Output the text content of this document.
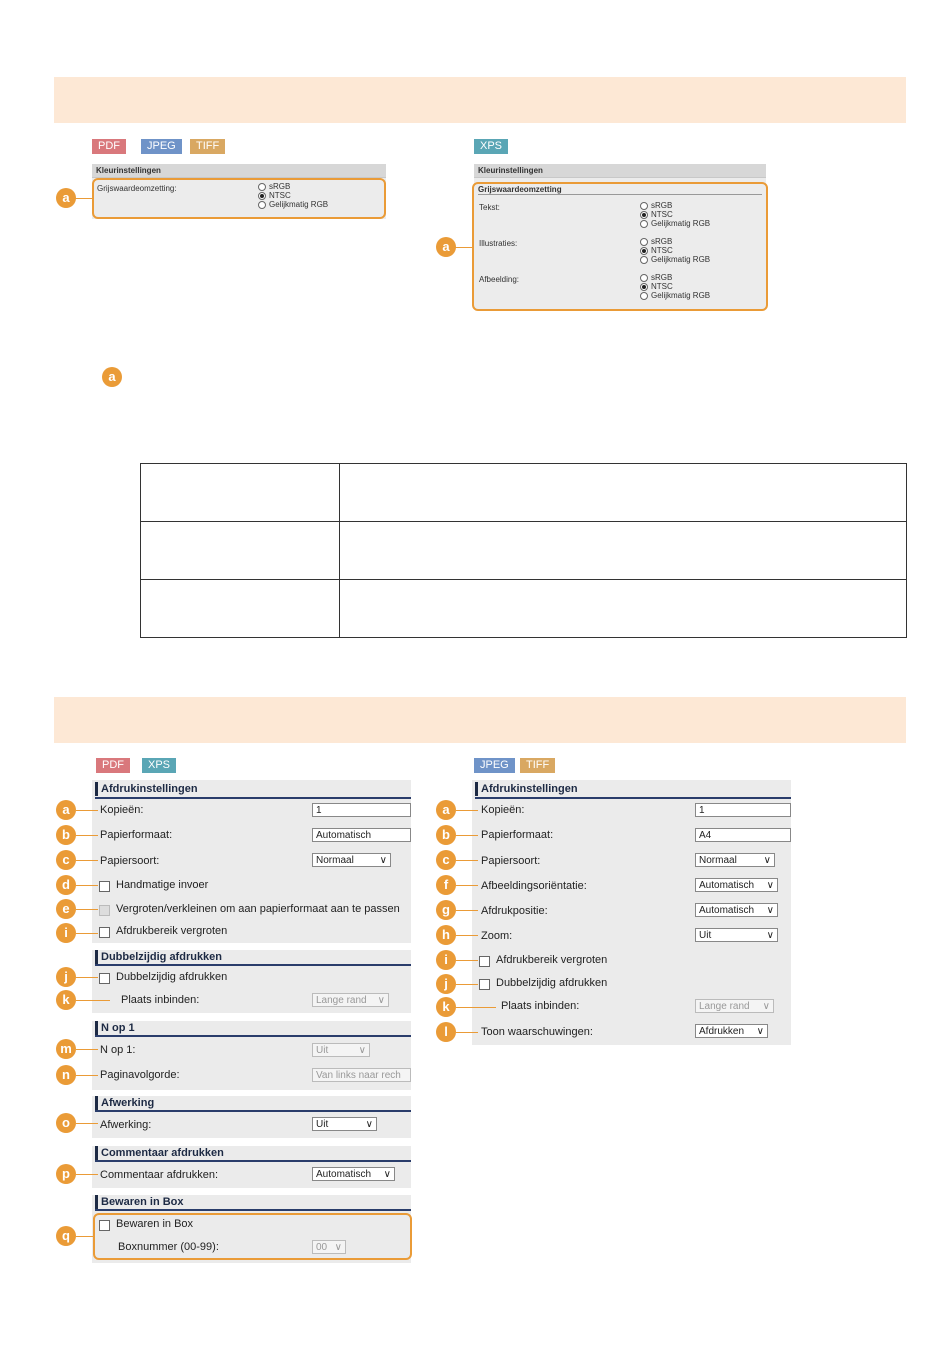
PDF	JPEG	TIFF	XPS
Kleurinstellingen
Grijswaardeomzetting:	sRGB
NTSC
Gelijkmatig RGB
a
Kleurinstellingen
Grijswaardeomzetting
Tekst:	sRGB
NTSC
Gelijkmatig RGB
Illustraties:	sRGB
NTSC
Gelijkmatig RGB
Afbeelding:	sRGB
NTSC
Gelijkmatig RGB
a
a

PDF	XPS	JPEG	TIFF
Afdrukinstellingen
Kopieën:	1
Papierformaat:	Automatisch
Papiersoort:	Normaal ∨
Handmatige invoer
Vergroten/verkleinen om aan papierformaat aan te passen
Afdrukbereik vergroten
Dubbelzijdig afdrukken
Dubbelzijdig afdrukken
Plaats inbinden:	Lange rand ∨
N op 1
N op 1:	Uit ∨
Paginavolgorde:	Van links naar rech
Afwerking
Afwerking:	Uit ∨
Commentaar afdrukken
Commentaar afdrukken:	Automatisch ∨
Bewaren in Box
Bewaren in Box
Boxnummer (00-99):	00 ∨
a
b
c
d
e
i
j
k
m
n
o
p
q
Afdrukinstellingen
Kopieën:	1
Papierformaat:	A4
Papiersoort:	Normaal ∨
Afbeeldingsoriëntatie:	Automatisch ∨
Afdrukpositie:	Automatisch ∨
Zoom:	Uit ∨
Afdrukbereik vergroten
Dubbelzijdig afdrukken
Plaats inbinden:	Lange rand ∨
Toon waarschuwingen:	Afdrukken ∨
a
b
c
f
g
h
i
j
k
l
